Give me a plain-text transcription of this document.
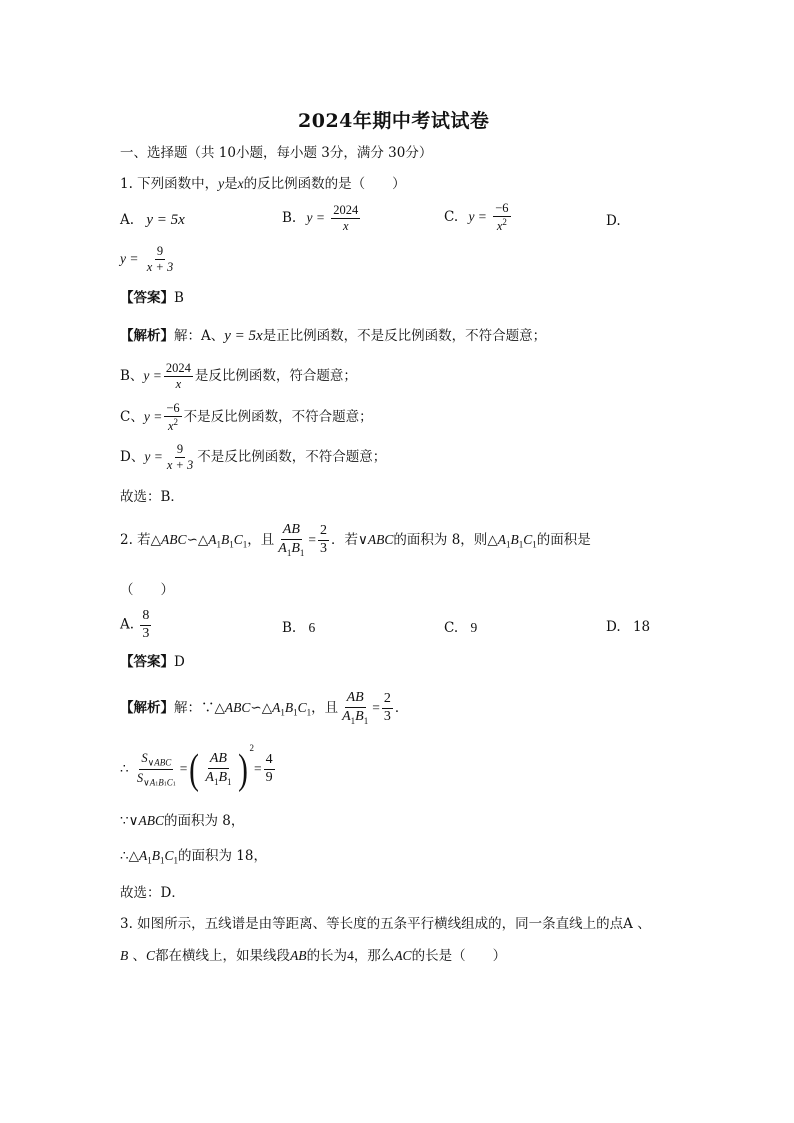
2024年期中考试试卷
一、选择题（共 10小题，每小题 3分，满分 30分）
1. 下列函数中，y是x的反比例函数的是（　　）
A. y = 5x	B. $y = \frac{2024}{x}$	C. $y = \frac{-6}{x^2}$	D.
$y = \frac{9}{x + 3}$
【答案】B
【解析】解：A、y = 5x是正比例函数，不是反比例函数，不符合题意；
B、$y = \frac{2024}{x}$ 是反比例函数，符合题意；
C、$y = \frac{-6}{x^2}$ 不是反比例函数，不符合题意；
D、$y = \frac{9}{x + 3}$ 不是反比例函数，不符合题意；
故选：B．
2. 若$\triangle ABC∽\triangle A_1B_1C_1$，且 $\frac{AB}{A_1B_1} = \frac{2}{3}$ ．若∨ABC的面积为 8，则$\triangle A_1B_1C_1$的面积是
（　　）
A. $\frac{8}{3}$	B. 6	C. 9	D. 18
【答案】D
【解析】解：$\because\triangle ABC∽\triangle A_1B_1C_1$，且 $\frac{AB}{A_1B_1} = \frac{2}{3}$ ．
∴ $\frac{S_{\vee ABC}}{S_{\vee A1B1C1}}$ =( $\frac{AB}{A_1B_1}$ ) $^2= \frac{4}{9}$
∵∨ABC的面积为 8，
$\therefore\triangle A_1B_1C_1$的面积为 18，
故选：D．
3. 如图所示，五线谱是由等距离、等长度的五条平行横线组成的，同一条直线上的点A 、
B 、C都在横线上，如果线段AB的长为4，那么AC的长是（　　）
